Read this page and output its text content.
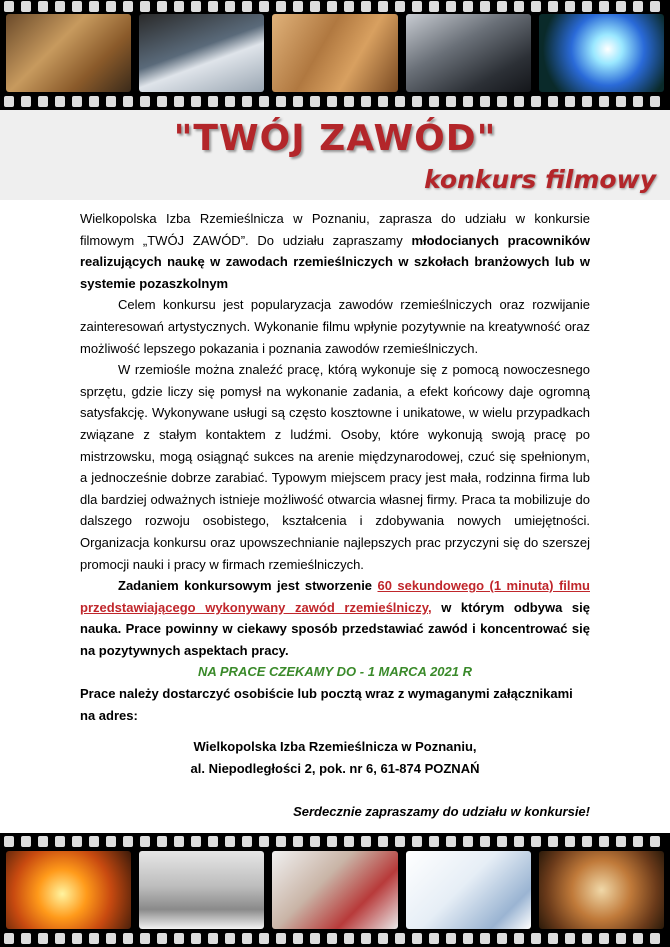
"TWÓJ ZAWÓD"
konkurs filmowy

Wielkopolska Izba Rzemieślnicza w Poznaniu, zaprasza do udziału w konkursie filmowym „TWÓJ ZAWÓD”. Do udziału zapraszamy młodocianych pracowników realizujących naukę w zawodach rzemieślniczych w szkołach branżowych lub w systemie pozaszkolnym

Celem konkursu jest popularyzacja zawodów rzemieślniczych oraz rozwijanie zainteresowań artystycznych. Wykonanie filmu wpłynie pozytywnie na kreatywność oraz możliwość lepszego pokazania i poznania zawodów rzemieślniczych.

W rzemiośle można znaleźć pracę, którą wykonuje się z pomocą nowoczesnego sprzętu, gdzie liczy się pomysł na wykonanie zadania, a efekt końcowy daje ogromną satysfakcję. Wykonywane usługi są często kosztowne i unikatowe, w wielu przypadkach związane z stałym kontaktem z ludźmi. Osoby, które wykonują swoją pracę po mistrzowsku, mogą osiągnąć sukces na arenie międzynarodowej, czuć się spełnionym, a jednocześnie dobrze zarabiać. Typowym miejscem pracy jest mała, rodzinna firma lub dla bardziej odważnych istnieje możliwość otwarcia własnej firmy. Praca ta mobilizuje do dalszego rozwoju osobistego, kształcenia i zdobywania nowych umiejętności. Organizacja konkursu oraz upowszechnianie najlepszych prac przyczyni się do szerszej promocji nauki i pracy w firmach rzemieślniczych.

Zadaniem konkursowym jest stworzenie 60 sekundowego (1 minuta) filmu przedstawiającego wykonywany zawód rzemieślniczy, w którym odbywa się nauka. Prace powinny w ciekawy sposób przedstawiać zawód i koncentrować się na pozytywnych aspektach pracy.

NA PRACE CZEKAMY DO - 1 MARCA 2021 R

Prace należy dostarczyć osobiście lub pocztą wraz z wymaganymi załącznikami na adres:

Wielkopolska Izba Rzemieślnicza w Poznaniu,

al. Niepodległości 2, pok. nr 6, 61-874 POZNAŃ

Serdecznie zapraszamy do udziału w konkursie!
